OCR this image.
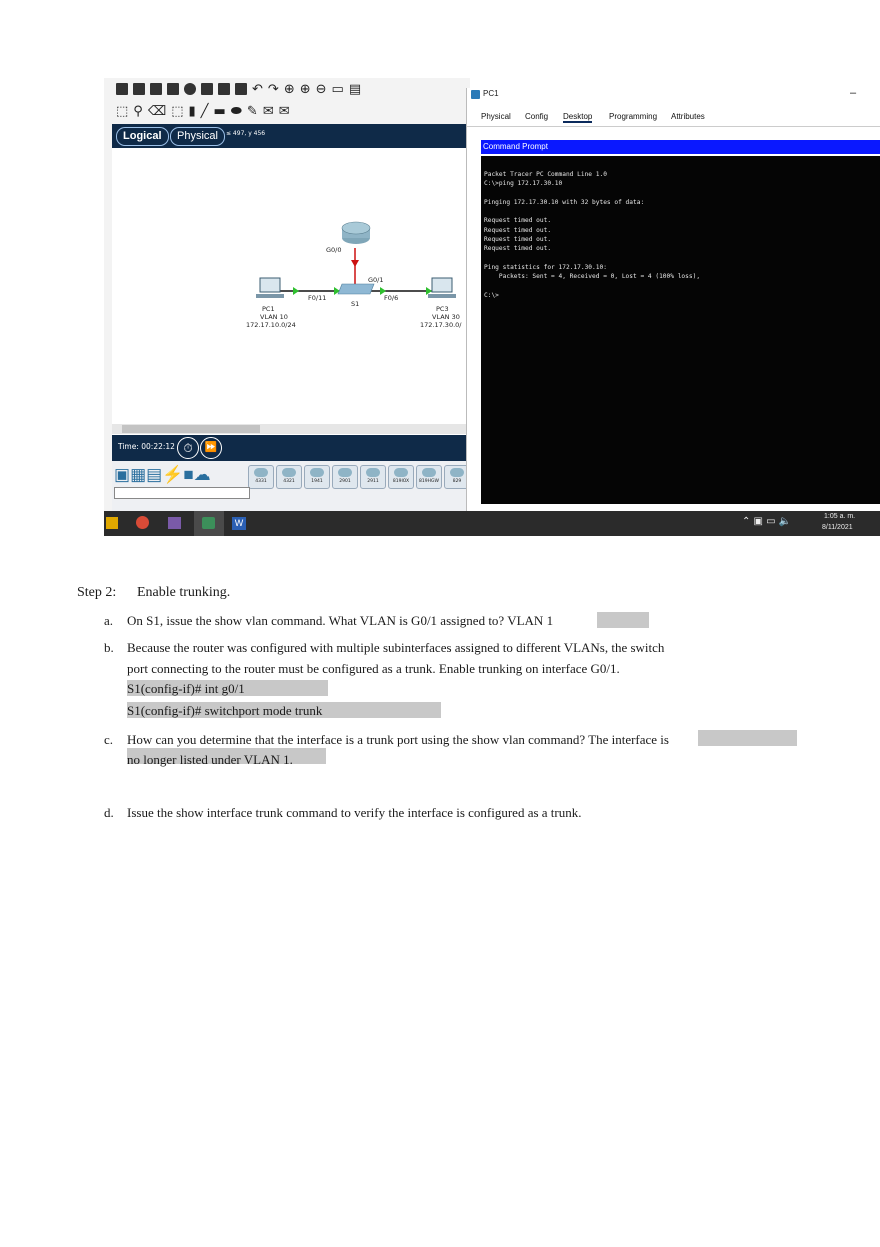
↶ ↷ ⊕ ⊕ ⊖ ▭ ▤
⬚ ⚲ ⌫ ⬚ ▮ ╱ ▬ ⬬ ✎ ✉ ✉
Logical	Physical	≤ 497, y 456
G0/0
G0/1
F0/11	F0/6
S1
PC1
VLAN 10
172.17.10.0/24
PC3
VLAN 30
172.17.30.0/
Time: 00:22:12 ⏱	⏩
▣▦▤⚡■☁	4331	4321	1941	2901	2911	819IOX	819HGW	829
PC1	–
Physical Config Desktop Programming Attributes
Command Prompt
Packet Tracer PC Command Line 1.0
C:\>ping 172.17.30.10

Pinging 172.17.30.10 with 32 bytes of data:

Request timed out.
Request timed out.
Request timed out.
Request timed out.

Ping statistics for 172.17.30.10:
Packets: Sent = 4, Received = 0, Lost = 4 (100% loss),

C:\>
W	⌃ ▣ ▭ 🔈	1:05 a. m.
8/11/2021
Step 2: Enable trunking.
a. On S1, issue the show vlan command. What VLAN is G0/1 assigned to? VLAN 1
b. Because the router was configured with multiple subinterfaces assigned to different VLANs, the switch
port connecting to the router must be configured as a trunk. Enable trunking on interface G0/1.
S1(config-if)# int g0/1
S1(config-if)# switchport mode trunk
c. How can you determine that the interface is a trunk port using the show vlan command? The interface is
no longer listed under VLAN 1.
d. Issue the show interface trunk command to verify the interface is configured as a trunk.
